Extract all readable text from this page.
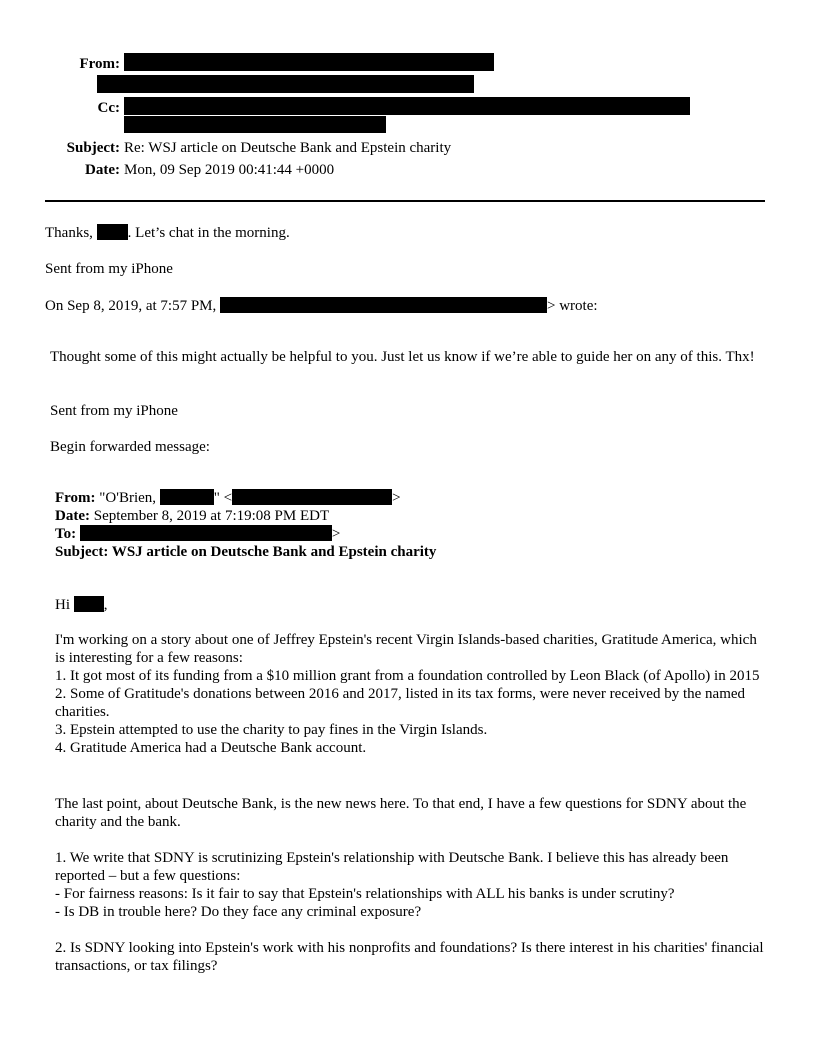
From:
Cc:
Subject: Re: WSJ article on Deutsche Bank and Epstein charity
Date: Mon, 09 Sep 2019 00:41:44 +0000
Thanks, . Let’s chat in the morning.
Sent from my iPhone
On Sep 8, 2019, at 7:57 PM,	> wrote:
Thought some of this might actually be helpful to you. Just let us know if we’re able to guide her on any of this. Thx!
Sent from my iPhone
Begin forwarded message:
From: "O'Brien,	" <	>
Date: September 8, 2019 at 7:19:08 PM EDT
To:	>
Subject: WSJ article on Deutsche Bank and Epstein charity
Hi ,
I'm working on a story about one of Jeffrey Epstein's recent Virgin Islands-based charities, Gratitude America, which is interesting for a few reasons:
1. It got most of its funding from a $10 million grant from a foundation controlled by Leon Black (of Apollo) in 2015
2. Some of Gratitude's donations between 2016 and 2017, listed in its tax forms, were never received by the named charities.
3. Epstein attempted to use the charity to pay fines in the Virgin Islands.
4. Gratitude America had a Deutsche Bank account.
The last point, about Deutsche Bank, is the new news here. To that end, I have a few questions for SDNY about the charity and the bank.
1. We write that SDNY is scrutinizing Epstein's relationship with Deutsche Bank. I believe this has already been reported – but a few questions:
- For fairness reasons: Is it fair to say that Epstein's relationships with ALL his banks is under scrutiny?
- Is DB in trouble here? Do they face any criminal exposure?
2. Is SDNY looking into Epstein's work with his nonprofits and foundations? Is there interest in his charities' financial transactions, or tax filings?
